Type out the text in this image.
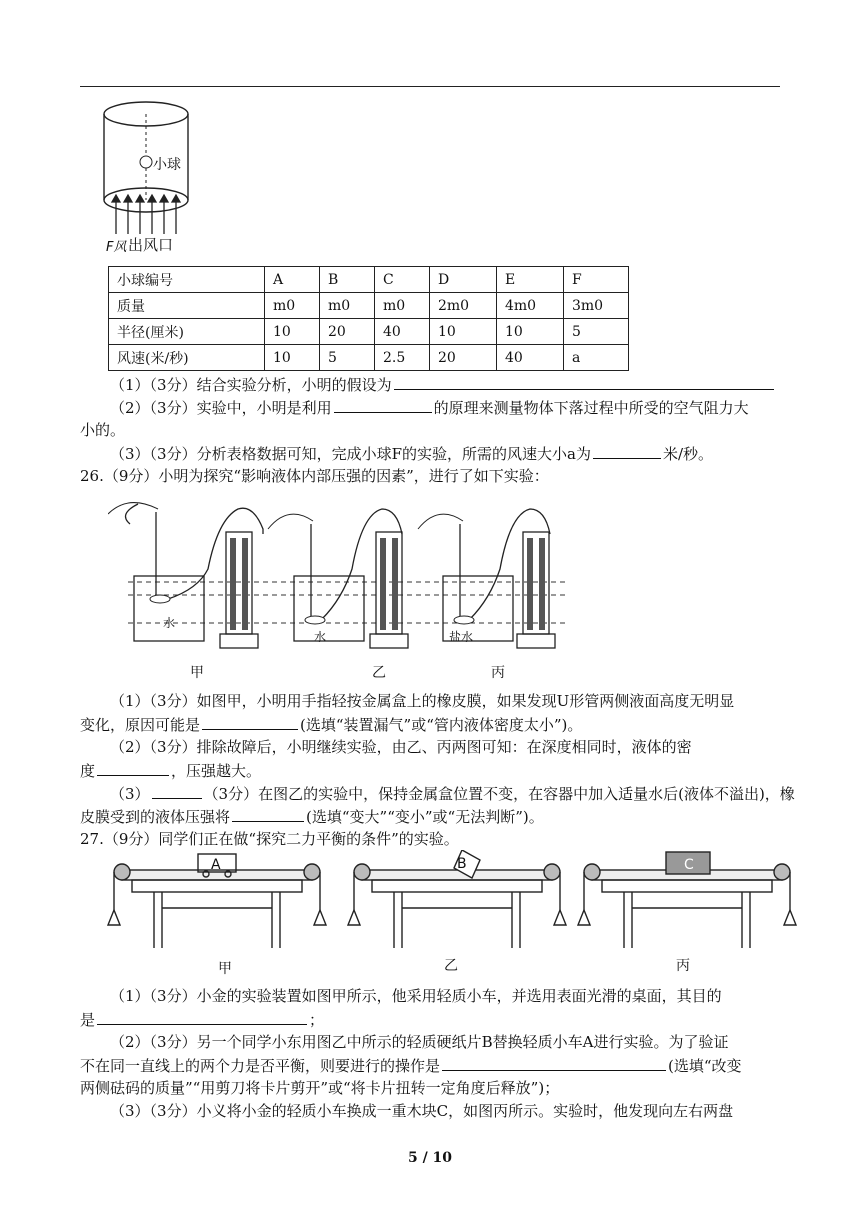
小球
F风 出风口
小球编号	A	B	C	D	E	F
质量	m0	m0	m0	2m0	4m0	3m0
半径(厘米)	10	20	40	10	10	5
风速(米/秒)	10	5	2.5	20	40	a
（1）（3分）结合实验分析，小明的假设为
（2）（3分）实验中，小明是利用	的原理来测量物体下落过程中所受的空气阻力大
小的。
（3）（3分）分析表格数据可知，完成小球F的实验，所需的风速大小a为	米/秒。
26.（9分）小明为探究“影响液体内部压强的因素”，进行了如下实验：
水
水	盐水
甲	乙	丙
（1）（3分）如图甲，小明用手指轻按金属盒上的橡皮膜，如果发现U形管两侧液面高度无明显
变化，原因可能是	(选填“装置漏气”或“管内液体密度太小”)。
（2）（3分）排除故障后，小明继续实验，由乙、丙两图可知：在深度相同时，液体的密
度	，压强越大。
（3）	（3分）在图乙的实验中，保持金属盒位置不变，在容器中加入适量水后(液体不溢出)，橡
皮膜受到的液体压强将	(选填“变大”“变小”或“无法判断”)。
27.（9分）同学们正在做“探究二力平衡的条件”的实验。
A	B	C
甲	乙	丙
（1）（3分）小金的实验装置如图甲所示，他采用轻质小车，并选用表面光滑的桌面，其目的
是	；
（2）（3分）另一个同学小东用图乙中所示的轻质硬纸片B替换轻质小车A进行实验。为了验证
不在同一直线上的两个力是否平衡，则要进行的操作是	(选填“改变
两侧砝码的质量”“用剪刀将卡片剪开”或“将卡片扭转一定角度后释放”)；
（3）（3分）小义将小金的轻质小车换成一重木块C，如图丙所示。实验时，他发现向左右两盘
5 / 10
